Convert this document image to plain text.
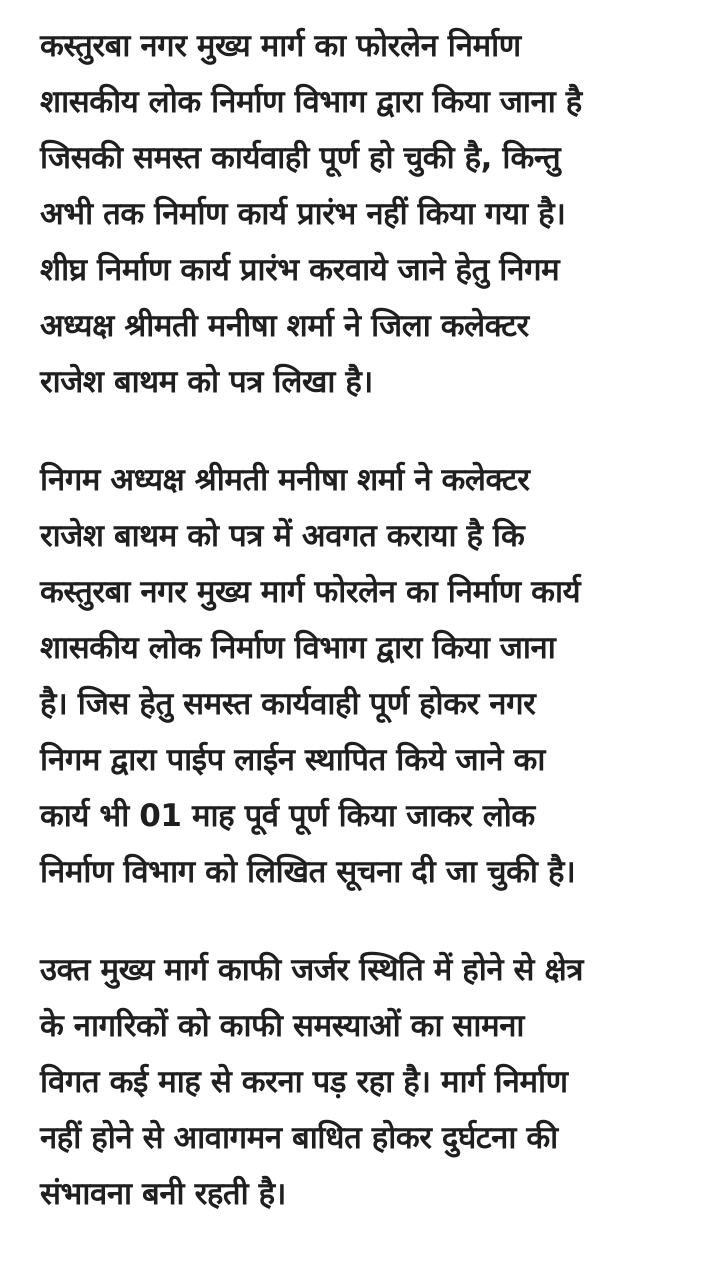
कस्तुरबा नगर मुख्य मार्ग का फोरलेन निर्माण
शासकीय लोक निर्माण विभाग द्वारा किया जाना है
जिसकी समस्त कार्यवाही पूर्ण हो चुकी है, किन्तु
अभी तक निर्माण कार्य प्रारंभ नहीं किया गया है।
शीघ्र निर्माण कार्य प्रारंभ करवाये जाने हेतु निगम
अध्यक्ष श्रीमती मनीषा शर्मा ने जिला कलेक्टर
राजेश बाथम को पत्र लिखा है।
निगम अध्यक्ष श्रीमती मनीषा शर्मा ने कलेक्टर
राजेश बाथम को पत्र में अवगत कराया है कि
कस्तुरबा नगर मुख्य मार्ग फोरलेन का निर्माण कार्य
शासकीय लोक निर्माण विभाग द्वारा किया जाना
है। जिस हेतु समस्त कार्यवाही पूर्ण होकर नगर
निगम द्वारा पाईप लाईन स्थापित किये जाने का
कार्य भी 01 माह पूर्व पूर्ण किया जाकर लोक
निर्माण विभाग को लिखित सूचना दी जा चुकी है।
उक्त मुख्य मार्ग काफी जर्जर स्थिति में होने से क्षेत्र
के नागरिकों को काफी समस्याओं का सामना
विगत कई माह से करना पड़ रहा है। मार्ग निर्माण
नहीं होने से आवागमन बाधित होकर दुर्घटना की
संभावना बनी रहती है।
